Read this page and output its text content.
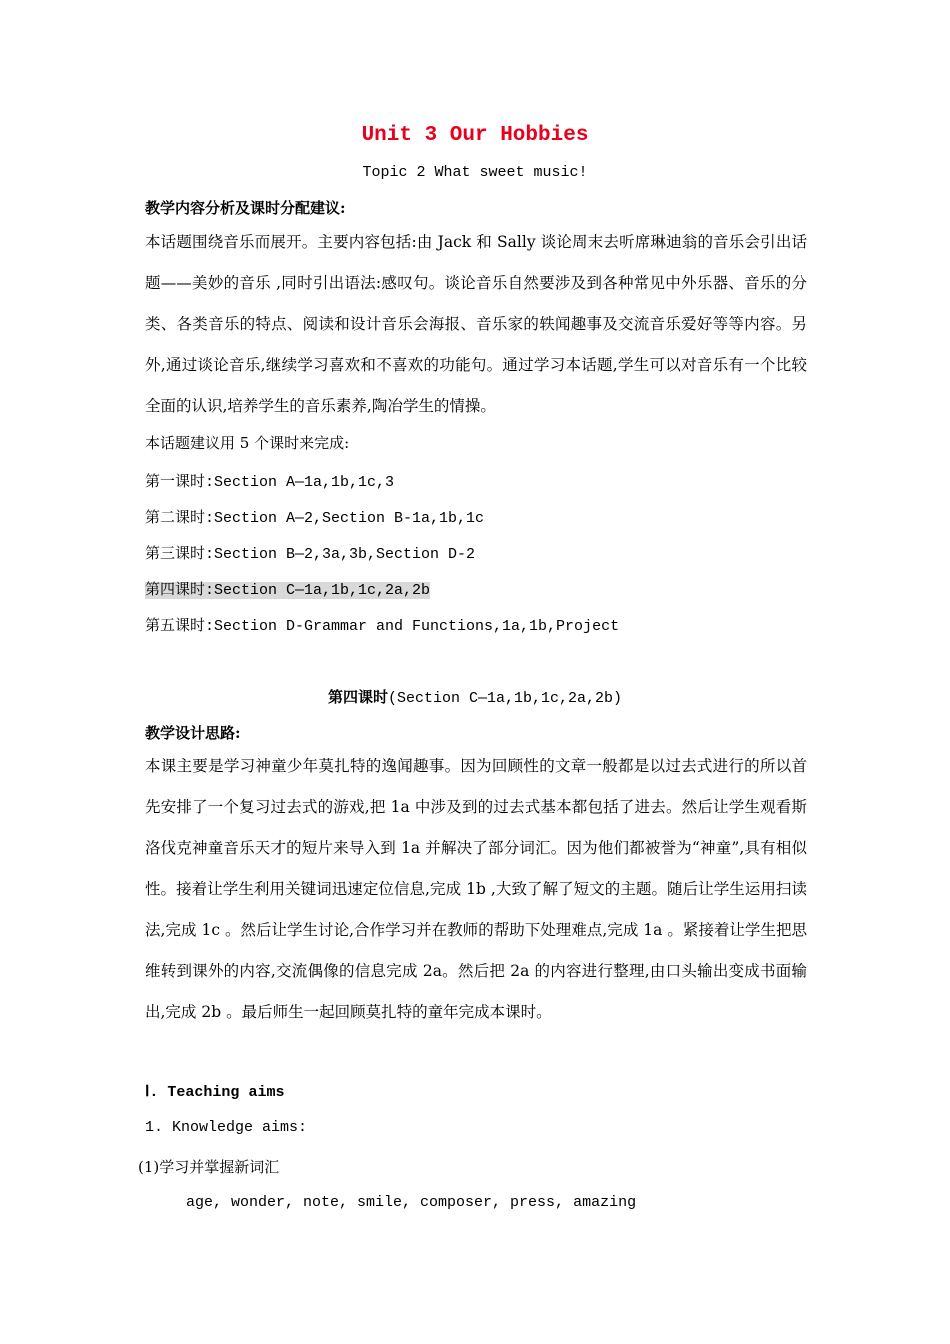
Unit 3 Our Hobbies
Topic 2 What sweet music!
教学内容分析及课时分配建议:
本话题围绕音乐而展开。主要内容包括:由 Jack 和 Sally 谈论周末去听席琳迪翁的音乐会引出话题——美妙的音乐 ,同时引出语法:感叹句。谈论音乐自然要涉及到各种常见中外乐器、音乐的分类、各类音乐的特点、阅读和设计音乐会海报、音乐家的轶闻趣事及交流音乐爱好等等内容。另外,通过谈论音乐,继续学习喜欢和不喜欢的功能句。通过学习本话题,学生可以对音乐有一个比较全面的认识,培养学生的音乐素养,陶冶学生的情操。
本话题建议用 5 个课时来完成:
第一课时:Section A—1a,1b,1c,3
第二课时:Section A—2,Section B-1a,1b,1c
第三课时:Section B—2,3a,3b,Section D-2
第四课时:Section C—1a,1b,1c,2a,2b
第五课时:Section D-Grammar and Functions,1a,1b,Project
第四课时(Section C—1a,1b,1c,2a,2b)
教学设计思路:
本课主要是学习神童少年莫扎特的逸闻趣事。因为回顾性的文章一般都是以过去式进行的所以首先安排了一个复习过去式的游戏,把 1a 中涉及到的过去式基本都包括了进去。然后让学生观看斯洛伐克神童音乐天才的短片来导入到 1a 并解决了部分词汇。因为他们都被誉为“神童”,具有相似性。接着让学生利用关键词迅速定位信息,完成 1b ,大致了解了短文的主题。随后让学生运用扫读法,完成 1c 。然后让学生讨论,合作学习并在教师的帮助下处理难点,完成 1a 。紧接着让学生把思维转到课外的内容,交流偶像的信息完成 2a。然后把 2a 的内容进行整理,由口头输出变成书面输出,完成 2b 。最后师生一起回顾莫扎特的童年完成本课时。
Ⅰ. Teaching aims
1. Knowledge aims:
(1)学习并掌握新词汇
age, wonder, note, smile, composer, press, amazing
